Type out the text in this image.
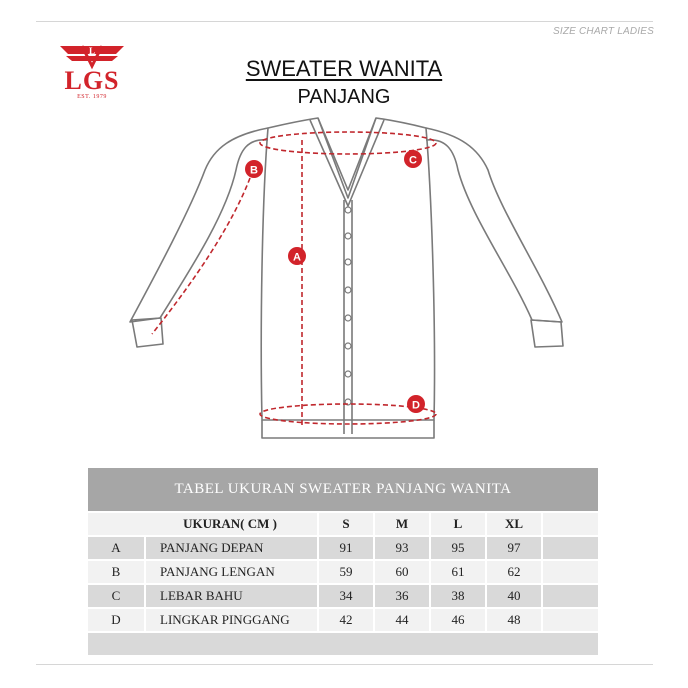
SIZE CHART LADIES
L
LGS
EST. 1979
SWEATER WANITA
PANJANG
A
B
C
D
TABEL UKURAN SWEATER PANJANG WANITA
UKURAN( CM )	S	M	L	XL
A	PANJANG DEPAN	91	93	95	97
B	PANJANG LENGAN	59	60	61	62
C	LEBAR BAHU	34	36	38	40
D	LINGKAR PINGGANG	42	44	46	48
